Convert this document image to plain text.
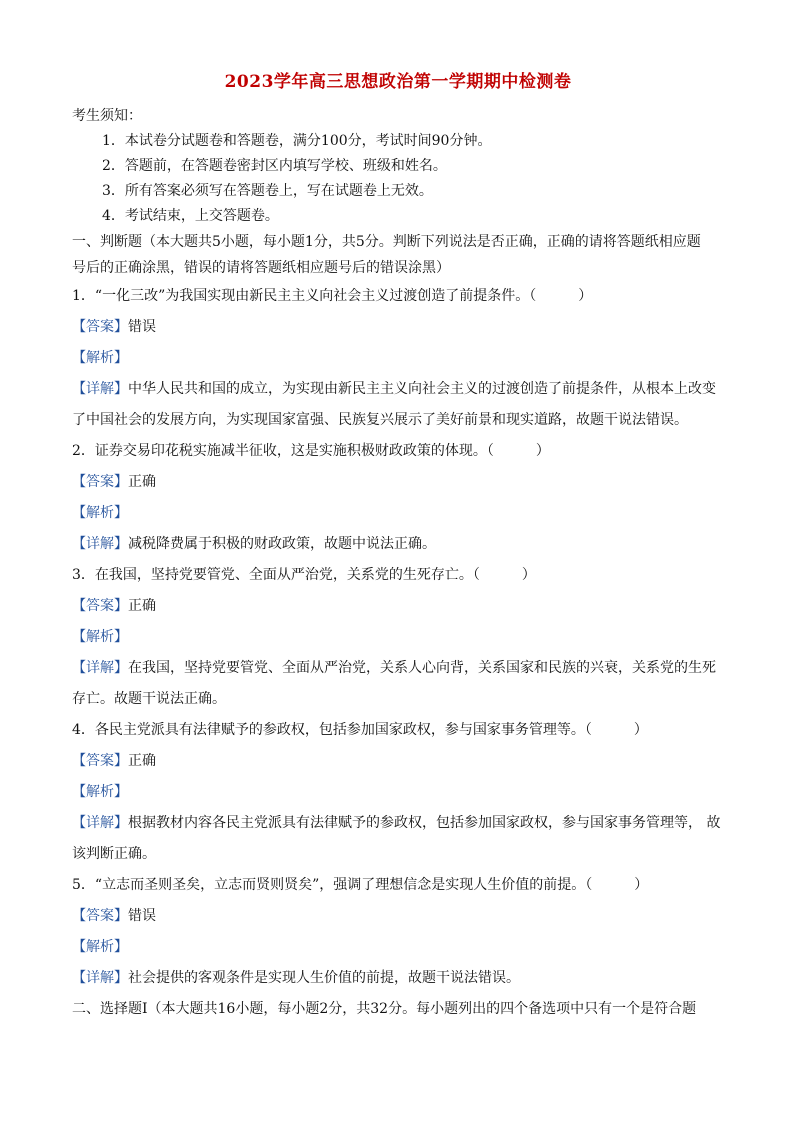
2023学年高三思想政治第一学期期中检测卷
考生须知：
1．本试卷分试题卷和答题卷，满分100分，考试时间90分钟。
2．答题前，在答题卷密封区内填写学校、班级和姓名。
3．所有答案必须写在答题卷上，写在试题卷上无效。
4．考试结束，上交答题卷。
一、判断题（本大题共5小题，每小题1分，共5分。判断下列说法是否正确，正确的请将答题纸相应题
号后的正确涂黑，错误的请将答题纸相应题号后的错误涂黑）
1．“一化三改”为我国实现由新民主主义向社会主义过渡创造了前提条件。（　　　）
【答案】错误
【解析】
【详解】中华人民共和国的成立，为实现由新民主主义向社会主义的过渡创造了前提条件，从根本上改变
了中国社会的发展方向，为实现国家富强、民族复兴展示了美好前景和现实道路，故题干说法错误。
2．证券交易印花税实施减半征收，这是实施积极财政政策的体现。（　　　）
【答案】正确
【解析】
【详解】减税降费属于积极的财政政策，故题中说法正确。
3．在我国，坚持党要管党、全面从严治党，关系党的生死存亡。（　　　）
【答案】正确
【解析】
【详解】在我国，坚持党要管党、全面从严治党，关系人心向背，关系国家和民族的兴衰，关系党的生死
存亡。故题干说法正确。
4．各民主党派具有法律赋予的参政权，包括参加国家政权，参与国家事务管理等。（　　　）
【答案】正确
【解析】
【详解】根据教材内容各民主党派具有法律赋予的参政权，包括参加国家政权，参与国家事务管理等， 故
该判断正确。
5．“立志而圣则圣矣，立志而贤则贤矣”，强调了理想信念是实现人生价值的前提。（　　　）
【答案】错误
【解析】
【详解】社会提供的客观条件是实现人生价值的前提，故题干说法错误。
二、选择题Ⅰ（本大题共16小题，每小题2分，共32分。每小题列出的四个备选项中只有一个是符合题
